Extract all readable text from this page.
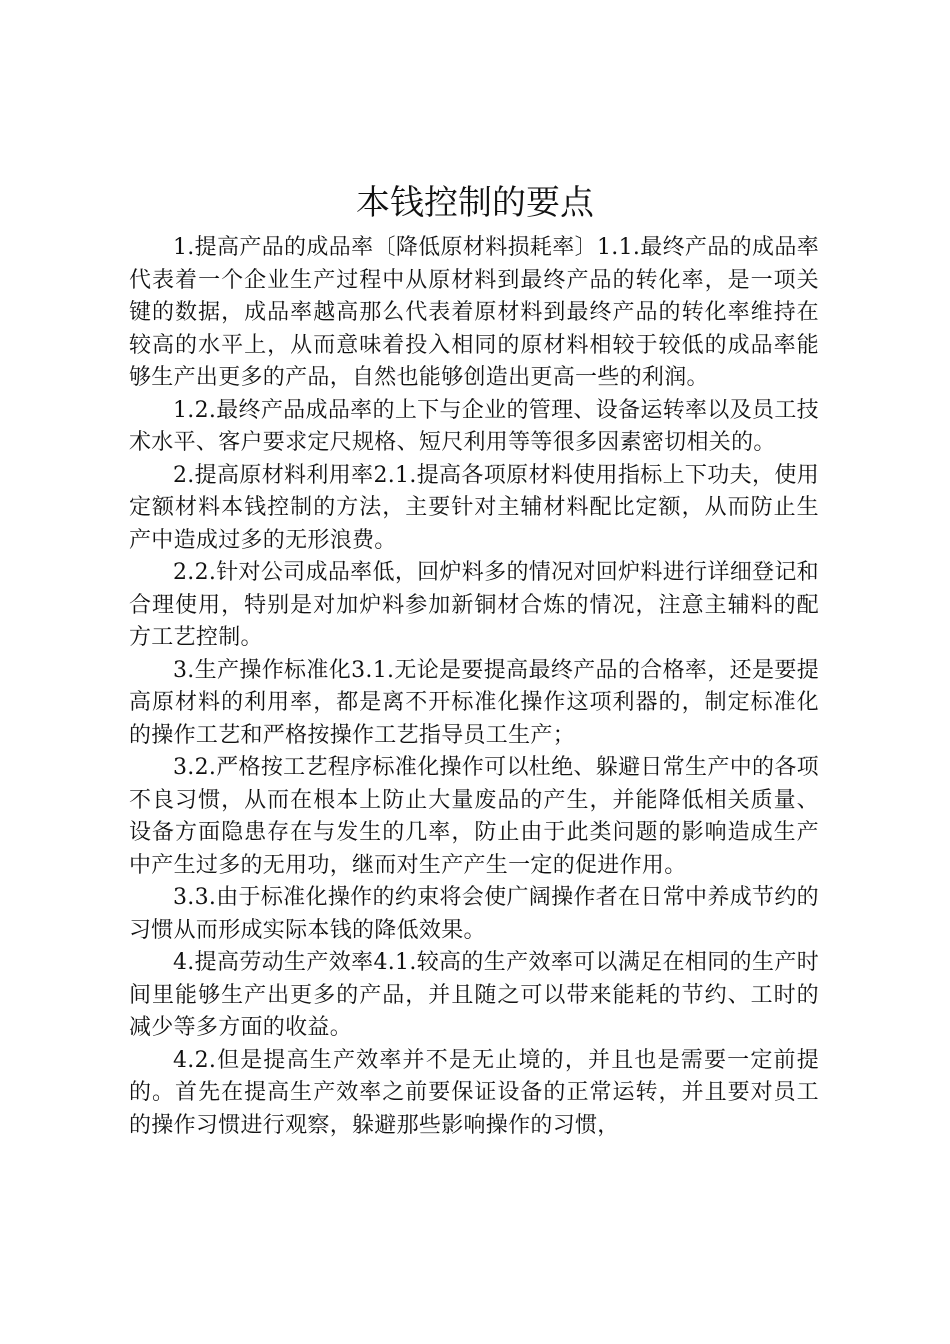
本钱控制的要点

1.提高产品的成品率〔降低原材料损耗率〕1.1.最终产品的成品率代表着一个企业生产过程中从原材料到最终产品的转化率，是一项关键的数据，成品率越高那么代表着原材料到最终产品的转化率维持在较高的水平上，从而意味着投入相同的原材料相较于较低的成品率能够生产出更多的产品，自然也能够创造出更高一些的利润。

1.2.最终产品成品率的上下与企业的管理、设备运转率以及员工技术水平、客户要求定尺规格、短尺利用等等很多因素密切相关的。

2.提高原材料利用率2.1.提高各项原材料使用指标上下功夫，使用定额材料本钱控制的方法，主要针对主辅材料配比定额，从而防止生产中造成过多的无形浪费。

2.2.针对公司成品率低，回炉料多的情况对回炉料进行详细登记和合理使用，特别是对加炉料参加新铜材合炼的情况，注意主辅料的配方工艺控制。

3.生产操作标准化3.1.无论是要提高最终产品的合格率，还是要提高原材料的利用率，都是离不开标准化操作这项利器的，制定标准化的操作工艺和严格按操作工艺指导员工生产；

3.2.严格按工艺程序标准化操作可以杜绝、躲避日常生产中的各项不良习惯，从而在根本上防止大量废品的产生，并能降低相关质量、设备方面隐患存在与发生的几率，防止由于此类问题的影响造成生产中产生过多的无用功，继而对生产产生一定的促进作用。

3.3.由于标准化操作的约束将会使广阔操作者在日常中养成节约的习惯从而形成实际本钱的降低效果。

4.提高劳动生产效率4.1.较高的生产效率可以满足在相同的生产时间里能够生产出更多的产品，并且随之可以带来能耗的节约、工时的减少等多方面的收益。

4.2.但是提高生产效率并不是无止境的，并且也是需要一定前提的。首先在提高生产效率之前要保证设备的正常运转，并且要对员工的操作习惯进行观察，躲避那些影响操作的习惯，
